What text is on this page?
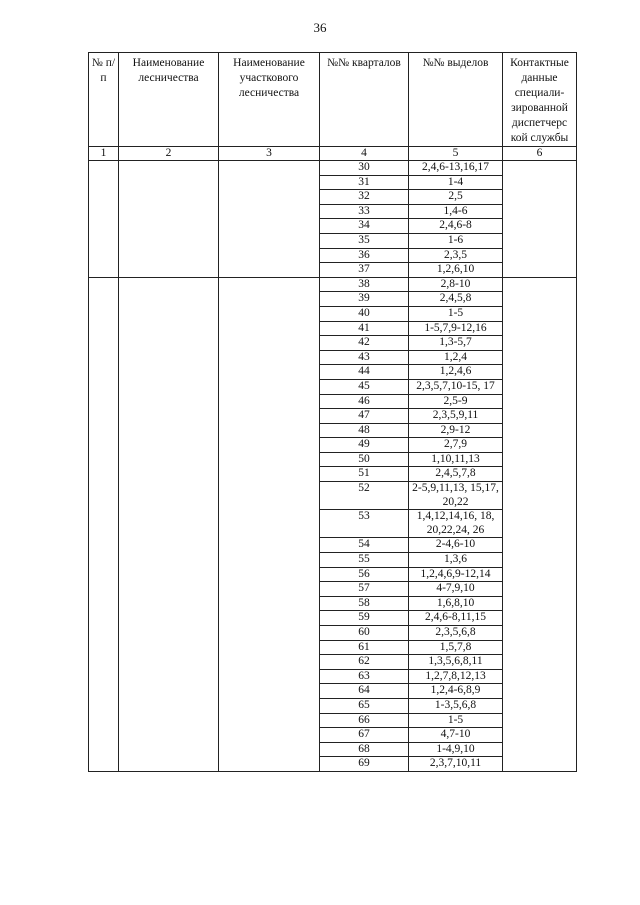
36
№ п/п	Наименование лесничества	Наименование участкового лесничества	№№ кварталов	№№ выделов	Контактные данные специали-зированной диспетчерс кой службы
1	2	3	4	5	6
			30	2,4,6-13,16,17	
			31	1-4	
			32	2,5	
			33	1,4-6	
			34	2,4,6-8	
			35	1-6	
			36	2,3,5	
			37	1,2,6,10	
			38	2,8-10	
			39	2,4,5,8	
			40	1-5	
			41	1-5,7,9-12,16	
			42	1,3-5,7	
			43	1,2,4	
			44	1,2,4,6	
			45	2,3,5,7,10-15, 17	
			46	2,5-9	
			47	2,3,5,9,11	
			48	2,9-12	
			49	2,7,9	
			50	1,10,11,13	
			51	2,4,5,7,8	
			52	2-5,9,11,13, 15,17, 20,22	
			53	1,4,12,14,16, 18, 20,22,24, 26	
			54	2-4,6-10	
			55	1,3,6	
			56	1,2,4,6,9-12,14	
			57	4-7,9,10	
			58	1,6,8,10	
			59	2,4,6-8,11,15	
			60	2,3,5,6,8	
			61	1,5,7,8	
			62	1,3,5,6,8,11	
			63	1,2,7,8,12,13	
			64	1,2,4-6,8,9	
			65	1-3,5,6,8	
			66	1-5	
			67	4,7-10	
			68	1-4,9,10	
			69	2,3,7,10,11	
